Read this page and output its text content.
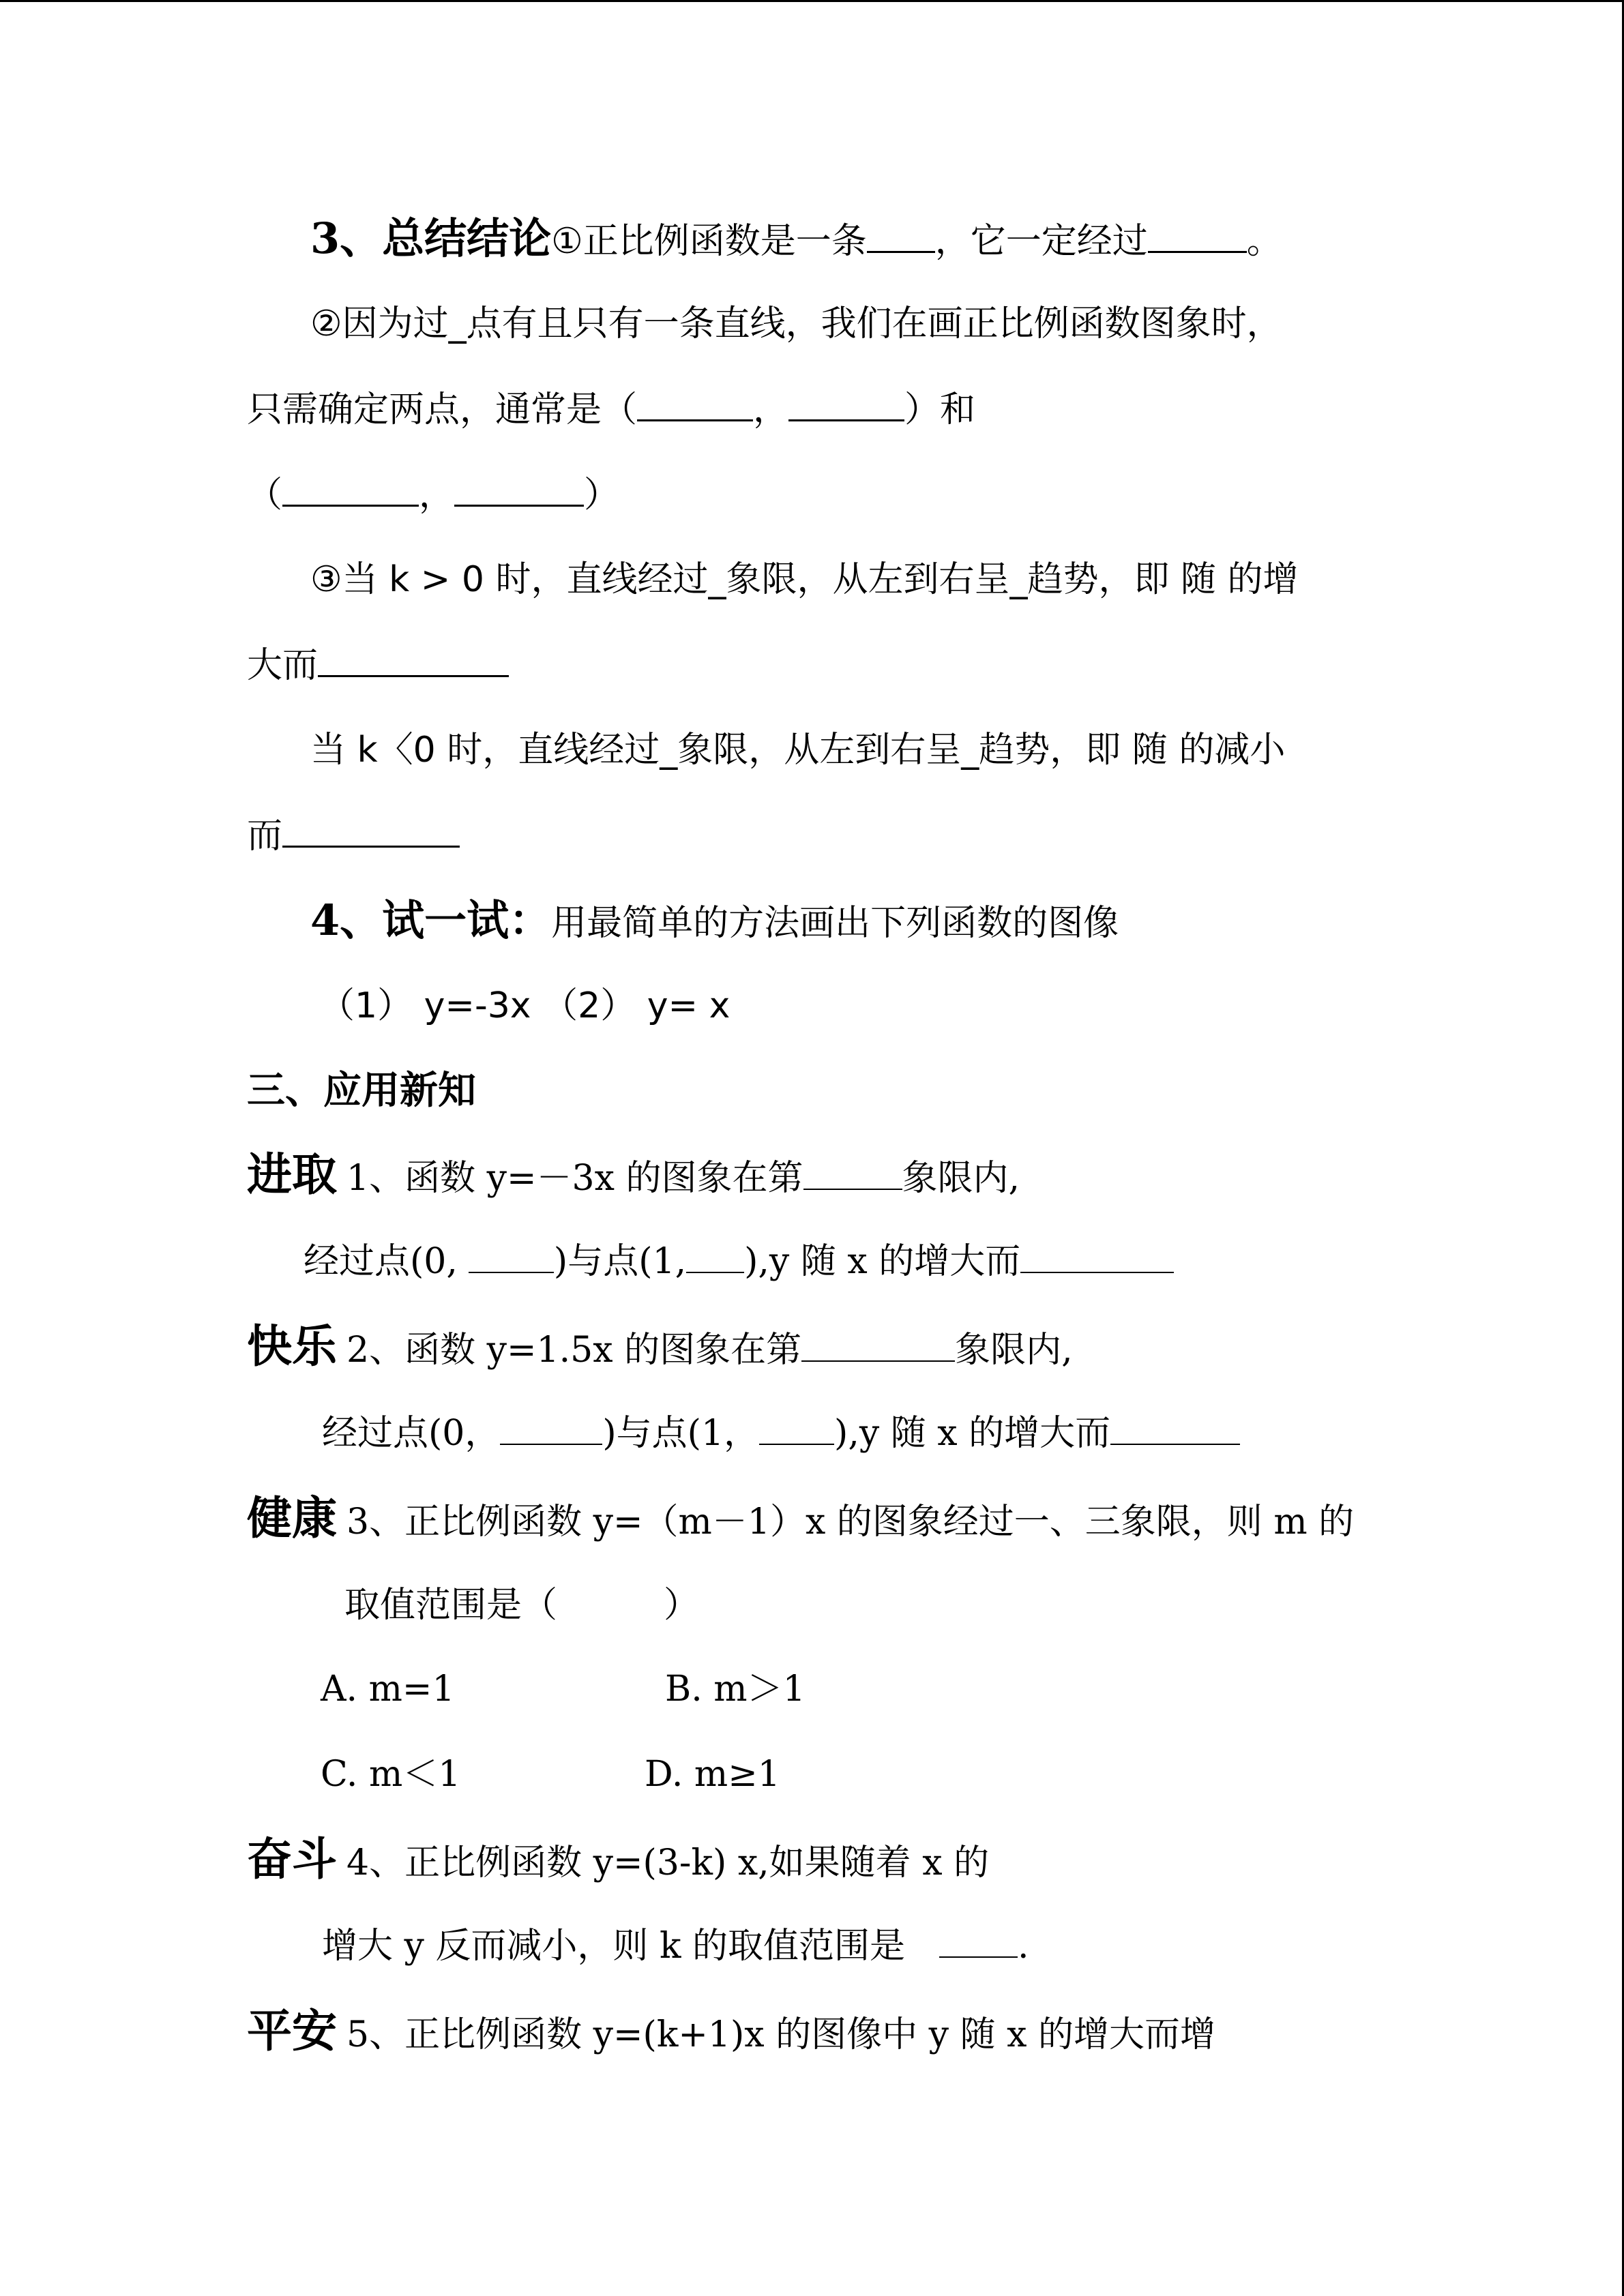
3、总结结论①正比例函数是一条 ，它一定经过	。
②因为过_点有且只有一条直线，我们在画正比例函数图象时，
只需确定两点，通常是（	，	）和
（	，	）
③当 k > 0 时，直线经过_象限，从左到右呈_趋势，即 随 的增
大而
当 k〈0 时，直线经过_象限，从左到右呈_趋势，即 随 的减小
而
4、试一试：用最简单的方法画出下列函数的图像
（1） y=-3x （2） y= x
三、应用新知
进取 1、函数 y=－3x 的图象在第	象限内,
经过点(0,	)与点(1, ),y 随 x 的增大而
快乐 2、函数 y=1.5x 的图象在第	象限内,
经过点(0，	)与点(1， ),y 随 x 的增大而
健康 3、正比例函数 y=（m－1）x 的图象经过一、三象限，则 m 的
取值范围是（　　　）
A. m=1	B. m＞1
C. m＜1	D. m≥1
奋斗 4、正比例函数 y=(3-k) x,如果随着 x 的
增大 y 反而减小，则 k 的取值范围是	.
平安 5、正比例函数 y=(k+1)x 的图像中 y 随 x 的增大而增
